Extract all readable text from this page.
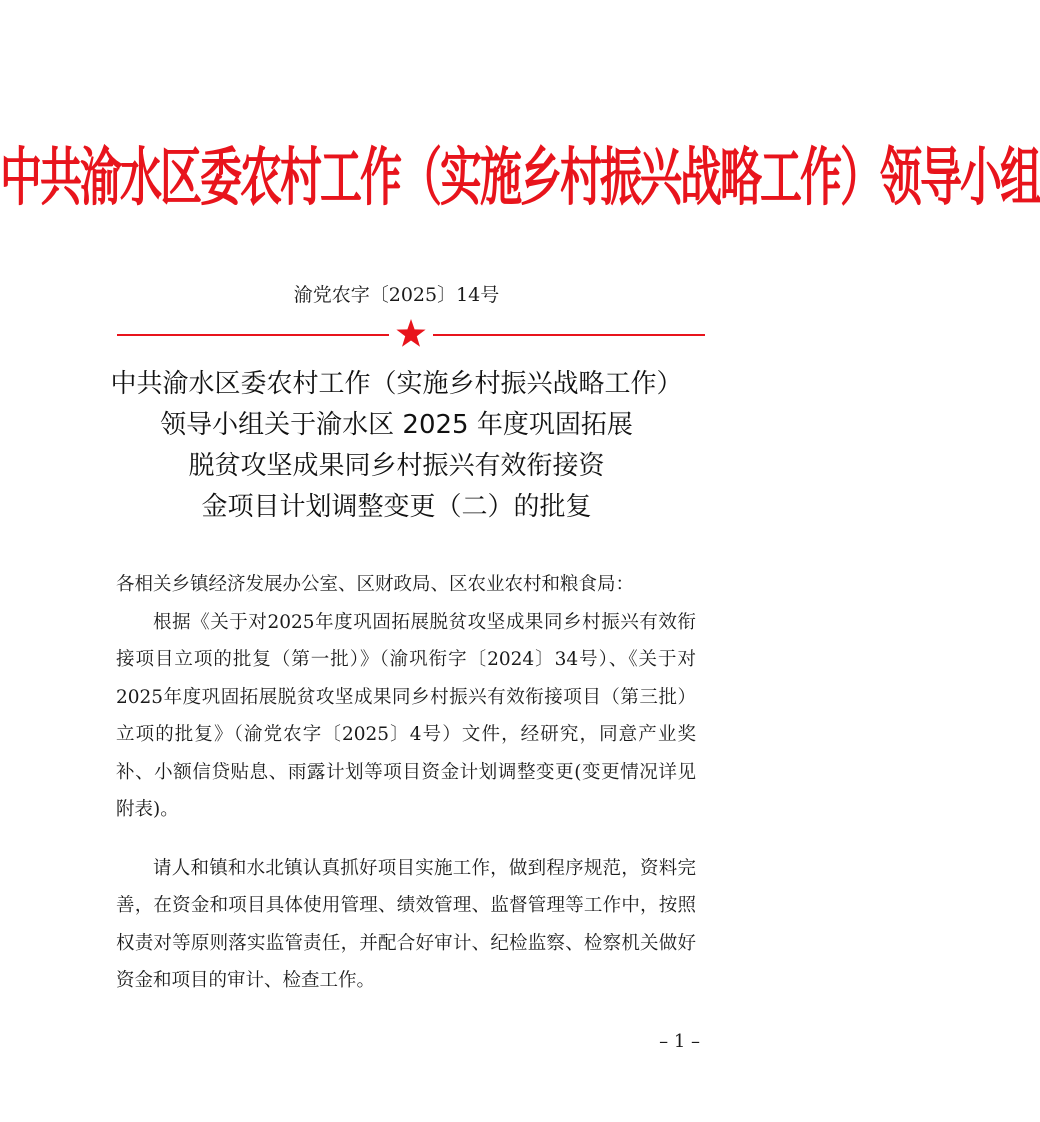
中共渝水区委农村工作（实施乡村振兴战略工作）领导小组
渝党农字〔2025〕14号
中共渝水区委农村工作（实施乡村振兴战略工作）
领导小组关于渝水区 2025 年度巩固拓展
脱贫攻坚成果同乡村振兴有效衔接资
金项目计划调整变更（二）的批复

各相关乡镇经济发展办公室、区财政局、区农业农村和粮食局：

根据《关于对2025年度巩固拓展脱贫攻坚成果同乡村振兴有效衔接项目立项的批复（第一批）》（渝巩衔字〔2024〕34号）、《关于对2025年度巩固拓展脱贫攻坚成果同乡村振兴有效衔接项目（第三批）立项的批复》（渝党农字〔2025〕4号）文件，经研究，同意产业奖补、小额信贷贴息、雨露计划等项目资金计划调整变更(变更情况详见附表)。

请人和镇和水北镇认真抓好项目实施工作，做到程序规范，资料完善，在资金和项目具体使用管理、绩效管理、监督管理等工作中，按照权责对等原则落实监管责任，并配合好审计、纪检监察、检察机关做好资金和项目的审计、检查工作。

– 1 –
